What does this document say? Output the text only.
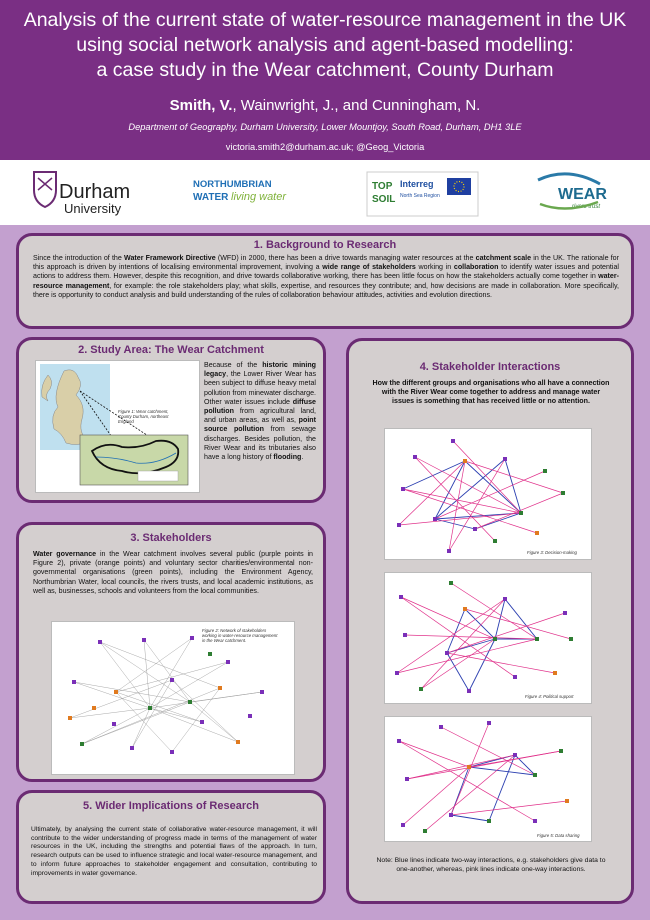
Analysis of the current state of water-resource management in the UK
using social network analysis and agent-based modelling:
a case study in the Wear catchment, County Durham
Smith, V., Wainwright, J., and Cunningham, N.
Department of Geography, Durham University, Lower Mountjoy, South Road, Durham, DH1 3LE
victoria.smith2@durham.ac.uk; @Geog_Victoria
Durham
University
NORTHUMBRIAN
WATER living water
TOP
SOIL
Interreg
North Sea Region	WEAR
rivers trust
1. Background to Research
Since the introduction of the Water Framework Directive (WFD) in 2000, there has been a drive towards managing water resources at the catchment scale in the UK. The rationale for this approach is driven by intentions of localising environmental improvement, involving a wide range of stakeholders working in collaboration to identify water issues and potential actions to address them. However, despite this recognition, and drive towards collaborative working, there has been little focus on how the stakeholders actually come together in water-resource management, for example: the role stakeholders play; what skills, expertise, and resources they contribute; and, how decisions are made in collaboration. More specifically, there is opportunity to conduct analysis and build understanding of the rules of collaboration behaviour attitudes, activities and evolution directions.
2. Study Area: The Wear Catchment
Figure 1: Wear catchment, County Durham, northeast England
Because of the historic mining legacy, the Lower River Wear has been subject to diffuse heavy metal pollution from minewater discharge. Other water issues include diffuse pollution from agricultural land, and urban areas, as well as, point source pollution from sewage discharges. Besides pollution, the River Wear and its tributaries also have a long history of flooding.
3. Stakeholders
Water governance in the Wear catchment involves several public (purple points in Figure 2), private (orange points) and voluntary sector charities/environmental non-governmental organisations (green points), including the Environment Agency, Northumbrian Water, local councils, the rivers trusts, and local academic institutions, as well as, businesses, schools and volunteers from the local communities.
Figure 2: Network of stakeholders working in water-resource management in the Wear catchment.
5. Wider Implications of Research
Ultimately, by analysing the current state of collaborative water-resource management, it will contribute to the wider understanding of progress made in terms of the management of water resources in the UK, including the strengths and potential flaws of the approach. In turn, research outputs can be used to influence strategic and local water-resource management, and to inform future approaches to stakeholder engagement and consultation, contributing to improvements in water governance.
4. Stakeholder Interactions
How the different groups and organisations who all have a connection with the River Wear come together to address and manage water issues is something that has received little or no attention.
Figure 3: Decision-making
Figure 4: Political support
Figure 5: Data sharing
Note: Blue lines indicate two-way interactions, e.g. stakeholders give data to one-another, whereas, pink lines indicate one-way interactions.
